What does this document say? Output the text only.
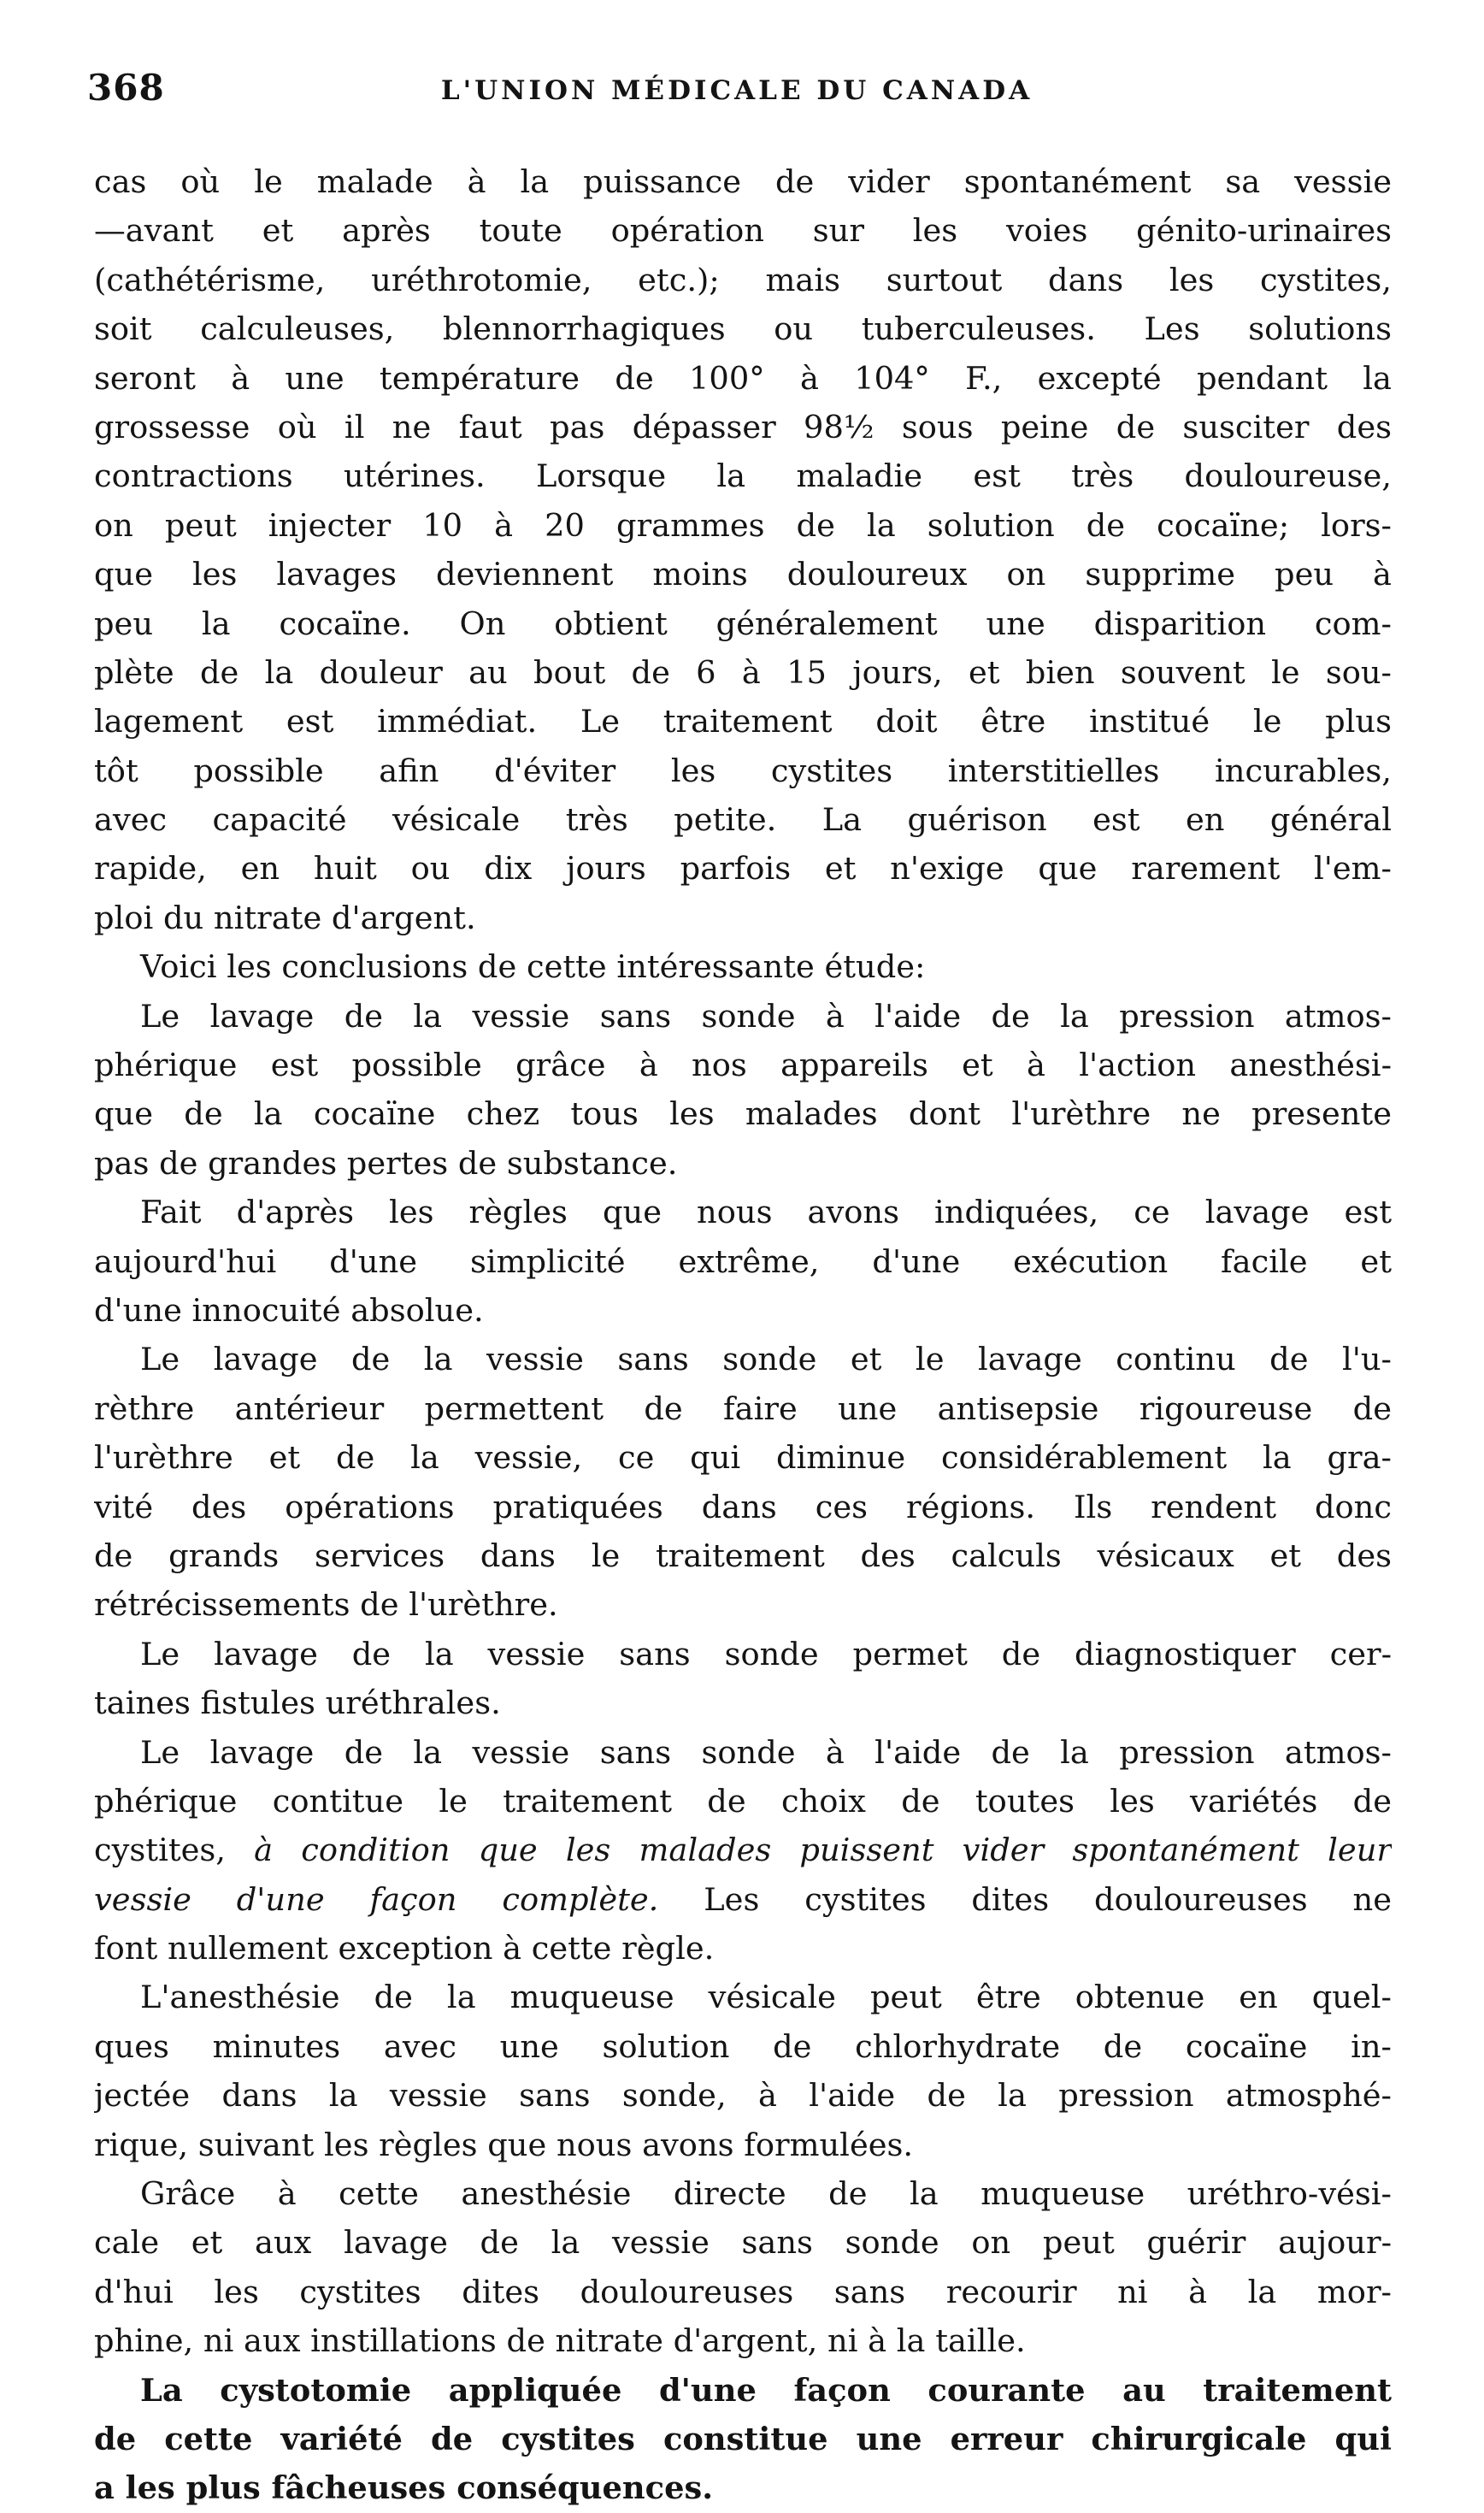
368	L'UNION MÉDICALE DU CANADA
cas où le malade à la puissance de vider spontanément sa vessie
—avant et après toute opération sur les voies génito-urinaires
(cathétérisme, uréthrotomie, etc.); mais surtout dans les cystites,
soit calculeuses, blennorrhagiques ou tuberculeuses. Les solutions
seront à une température de 100° à 104° F., excepté pendant la
grossesse où il ne faut pas dépasser 98½ sous peine de susciter des
contractions utérines. Lorsque la maladie est très douloureuse,
on peut injecter 10 à 20 grammes de la solution de cocaïne; lors-
que les lavages deviennent moins douloureux on supprime peu à
peu la cocaïne. On obtient généralement une disparition com-
plète de la douleur au bout de 6 à 15 jours, et bien souvent le sou-
lagement est immédiat. Le traitement doit être institué le plus
tôt possible afin d'éviter les cystites interstitielles incurables,
avec capacité vésicale très petite. La guérison est en général
rapide, en huit ou dix jours parfois et n'exige que rarement l'em-
ploi du nitrate d'argent.
Voici les conclusions de cette intéressante étude:
Le lavage de la vessie sans sonde à l'aide de la pression atmos-
phérique est possible grâce à nos appareils et à l'action anesthési-
que de la cocaïne chez tous les malades dont l'urèthre ne presente
pas de grandes pertes de substance.
Fait d'après les règles que nous avons indiquées, ce lavage est
aujourd'hui d'une simplicité extrême, d'une exécution facile et
d'une innocuité absolue.
Le lavage de la vessie sans sonde et le lavage continu de l'u-
rèthre antérieur permettent de faire une antisepsie rigoureuse de
l'urèthre et de la vessie, ce qui diminue considérablement la gra-
vité des opérations pratiquées dans ces régions. Ils rendent donc
de grands services dans le traitement des calculs vésicaux et des
rétrécissements de l'urèthre.
Le lavage de la vessie sans sonde permet de diagnostiquer cer-
taines fistules uréthrales.
Le lavage de la vessie sans sonde à l'aide de la pression atmos-
phérique contitue le traitement de choix de toutes les variétés de
cystites, à condition que les malades puissent vider spontanément leur
vessie d'une façon complète. Les cystites dites douloureuses ne
font nullement exception à cette règle.
L'anesthésie de la muqueuse vésicale peut être obtenue en quel-
ques minutes avec une solution de chlorhydrate de cocaïne in-
jectée dans la vessie sans sonde, à l'aide de la pression atmosphé-
rique, suivant les règles que nous avons formulées.
Grâce à cette anesthésie directe de la muqueuse uréthro-vési-
cale et aux lavage de la vessie sans sonde on peut guérir aujour-
d'hui les cystites dites douloureuses sans recourir ni à la mor-
phine, ni aux instillations de nitrate d'argent, ni à la taille.
La cystotomie appliquée d'une façon courante au traitement
de cette variété de cystites constitue une erreur chirurgicale qui
a les plus fâcheuses conséquences.
